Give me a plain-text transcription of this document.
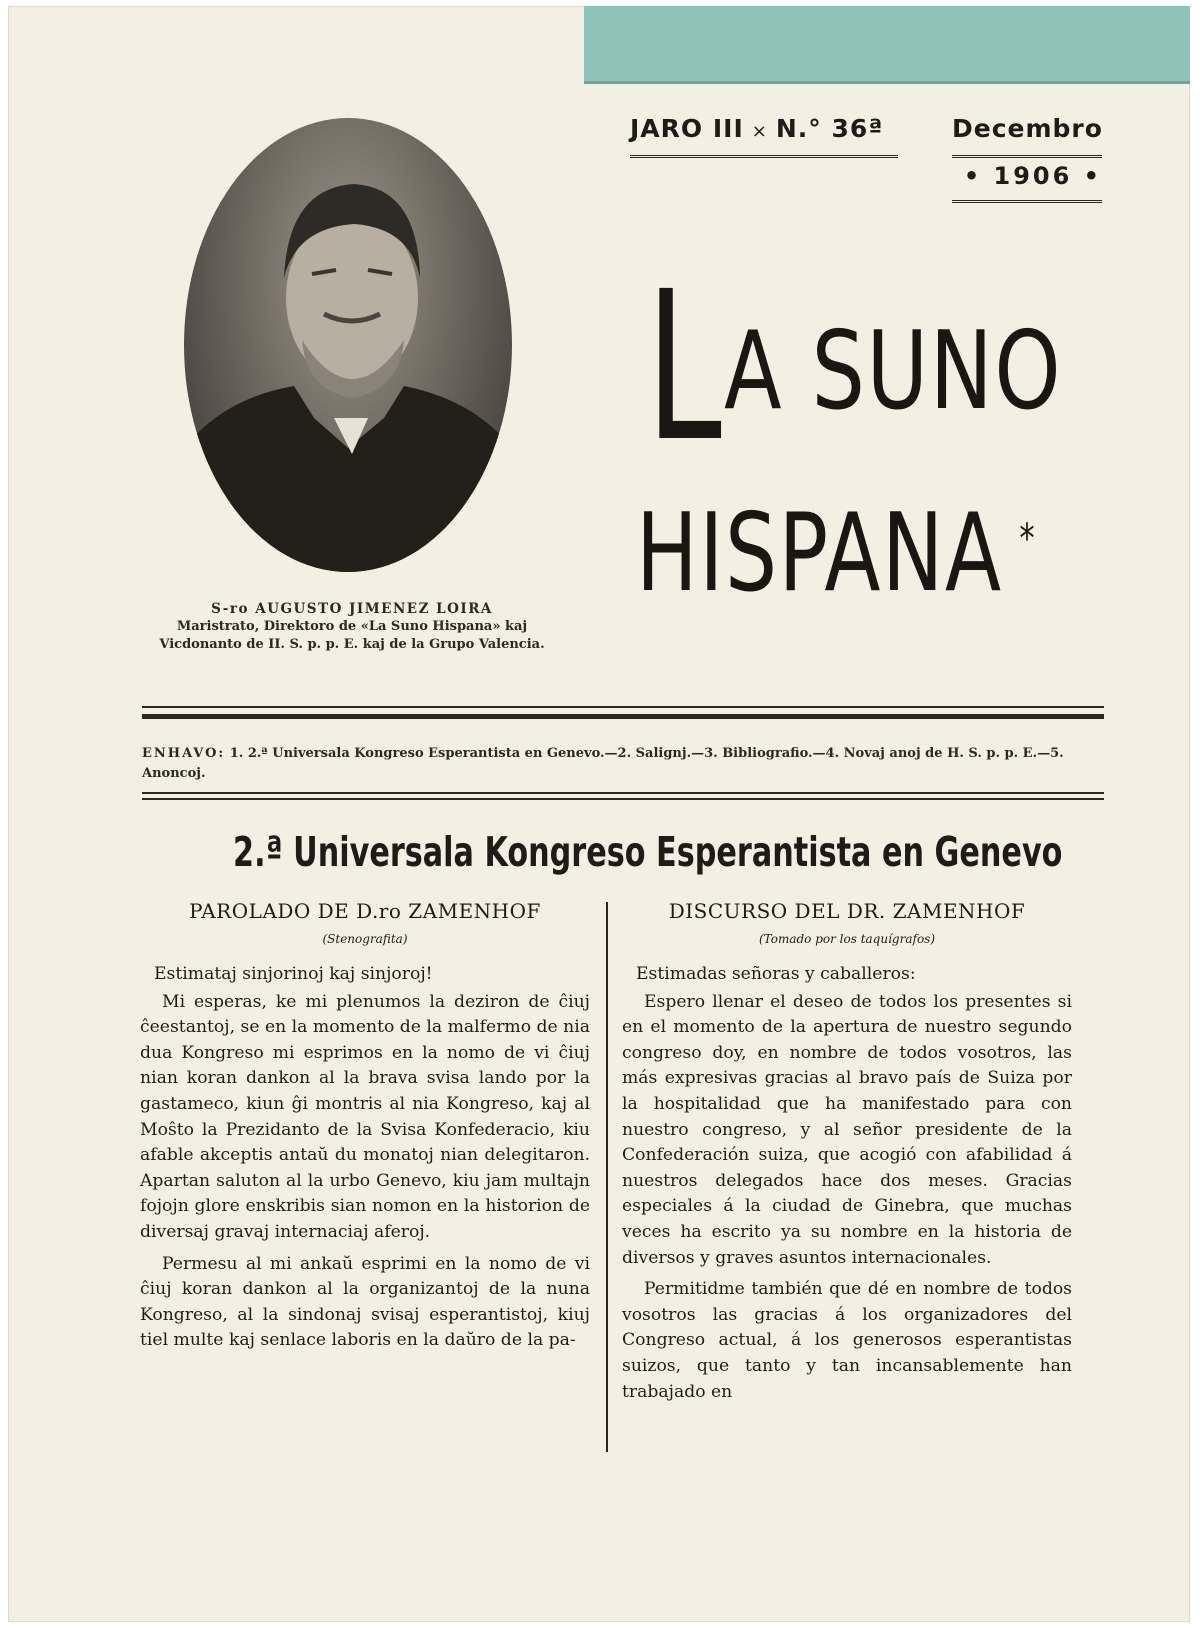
JARO III × N.° 36ª	Decembro
• 1906 •
L A SUNO
HISPANA *
S-ro AUGUSTO JIMENEZ LOIRA
Maristrato, Direktoro de «La Suno Hispana» kaj Vicdonanto de II. S. p. p. E. kaj de la Grupo Valencia.
ENHAVO: 1. 2.ª Universala Kongreso Esperantista en Genevo.—2. Salignj.—3. Bibliografio.—4. Novaj anoj de H. S. p. p. E.—5. Anoncoj.
2.ª Universala Kongreso Esperantista en Genevo
PAROLADO DE D.ro ZAMENHOF
(Stenografita)

Estimataj sinjorinoj kaj sinjoroj!

Mi esperas, ke mi plenumos la deziron de ĉiuj ĉeestantoj, se en la momento de la malfermo de nia dua Kongreso mi esprimos en la nomo de vi ĉiuj nian koran dankon al la brava svisa lando por la gastameco, kiun ĝi montris al nia Kongreso, kaj al Moŝto la Prezidanto de la Svisa Konfederacio, kiu afable akceptis antaŭ du monatoj nian delegitaron. Apartan saluton al la urbo Genevo, kiu jam multajn fojojn glore enskribis sian nomon en la historion de diversaj gravaj internaciaj aferoj.

Permesu al mi ankaŭ esprimi en la nomo de vi ĉiuj koran dankon al la organizantoj de la nuna Kongreso, al la sindonaj svisaj esperantistoj, kiuj tiel multe kaj senlace laboris en la daŭro de la pa-

DISCURSO DEL DR. ZAMENHOF
(Tomado por los taquígrafos)

Estimadas señoras y caballeros:

Espero llenar el deseo de todos los presentes si en el momento de la apertura de nuestro segundo congreso doy, en nombre de todos vosotros, las más expresivas gracias al bravo país de Suiza por la hospitalidad que ha manifestado para con nuestro congreso, y al señor presidente de la Confederación suiza, que acogió con afabilidad á nuestros delegados hace dos meses. Gracias especiales á la ciudad de Ginebra, que muchas veces ha escrito ya su nombre en la historia de diversos y graves asuntos internacionales.

Permitidme también que dé en nombre de todos vosotros las gracias á los organizadores del Congreso actual, á los generosos esperantistas suizos, que tanto y tan incansablemente han trabajado en
